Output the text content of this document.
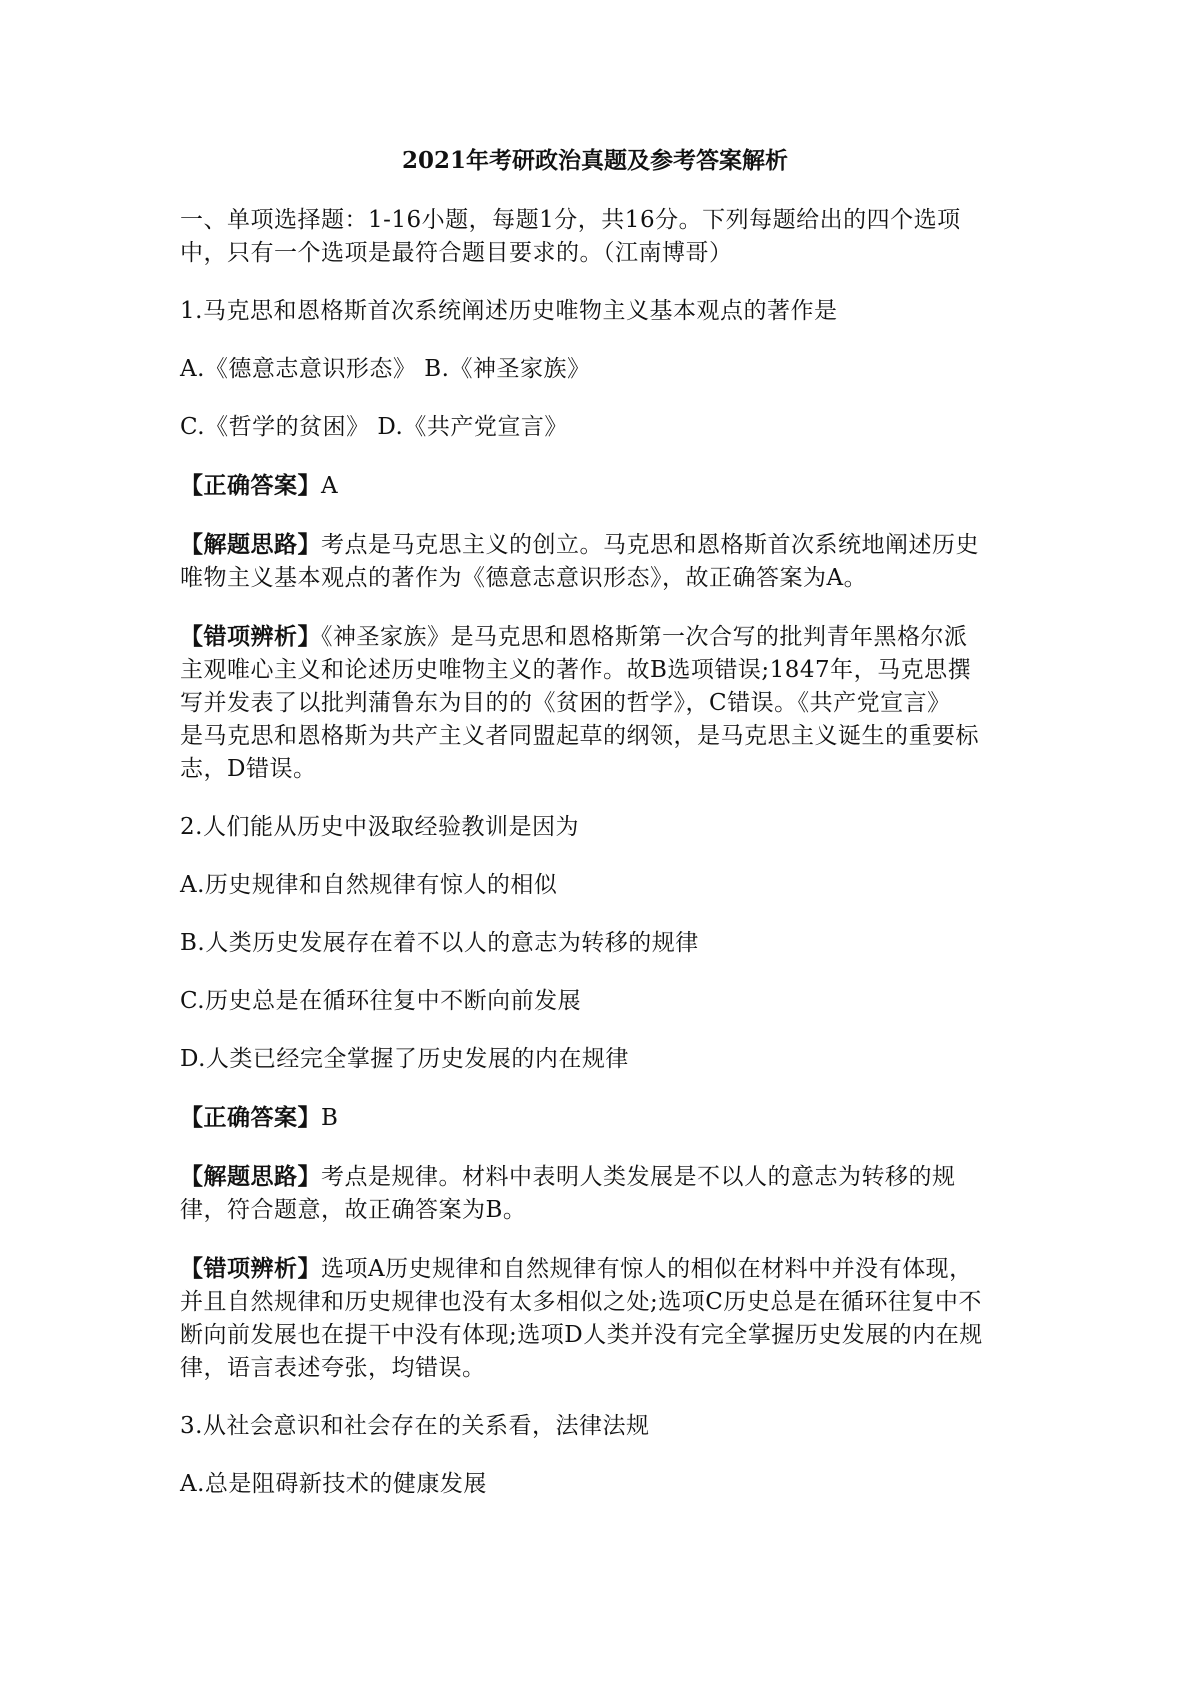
2021年考研政治真题及参考答案解析
一、单项选择题：1-16小题，每题1分，共16分。下列每题给出的四个选项
中，只有一个选项是最符合题目要求的。（江南博哥）
1.马克思和恩格斯首次系统阐述历史唯物主义基本观点的著作是
A.《德意志意识形态》 B.《神圣家族》
C.《哲学的贫困》 D.《共产党宣言》
【正确答案】A
【解题思路】考点是马克思主义的创立。马克思和恩格斯首次系统地阐述历史
唯物主义基本观点的著作为《德意志意识形态》，故正确答案为A。
【错项辨析】《神圣家族》是马克思和恩格斯第一次合写的批判青年黑格尔派
主观唯心主义和论述历史唯物主义的著作。故B选项错误;1847年，马克思撰
写并发表了以批判蒲鲁东为目的的《贫困的哲学》，C错误。《共产党宣言》
是马克思和恩格斯为共产主义者同盟起草的纲领，是马克思主义诞生的重要标
志，D错误。
2.人们能从历史中汲取经验教训是因为
A.历史规律和自然规律有惊人的相似
B.人类历史发展存在着不以人的意志为转移的规律
C.历史总是在循环往复中不断向前发展
D.人类已经完全掌握了历史发展的内在规律
【正确答案】B
【解题思路】考点是规律。材料中表明人类发展是不以人的意志为转移的规
律，符合题意，故正确答案为B。
【错项辨析】选项A历史规律和自然规律有惊人的相似在材料中并没有体现，
并且自然规律和历史规律也没有太多相似之处;选项C历史总是在循环往复中不
断向前发展也在提干中没有体现;选项D人类并没有完全掌握历史发展的内在规
律，语言表述夸张，均错误。
3.从社会意识和社会存在的关系看，法律法规
A.总是阻碍新技术的健康发展
